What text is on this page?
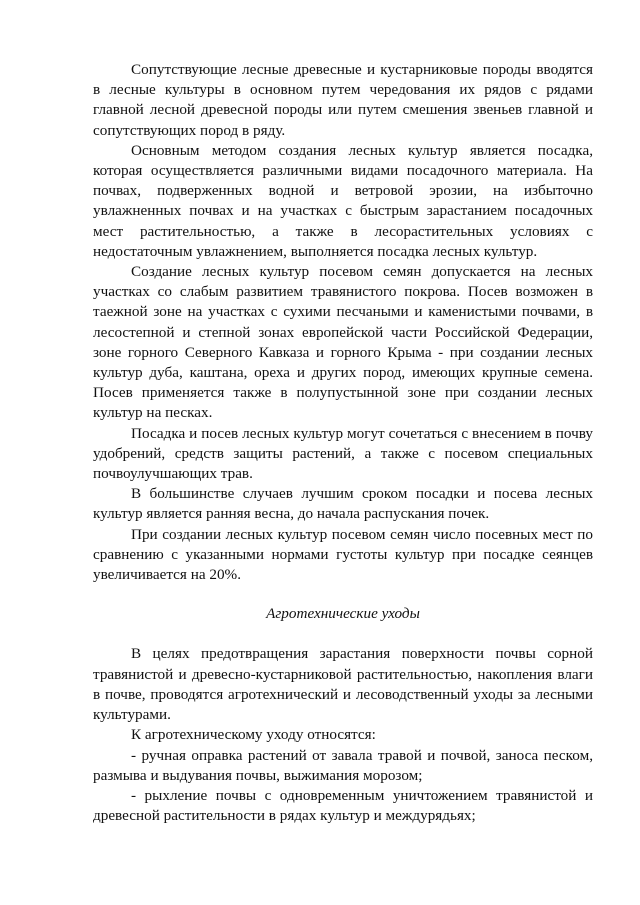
Сопутствующие лесные древесные и кустарниковые породы вводятся в лесные культуры в основном путем чередования их рядов с рядами главной лесной древесной породы или путем смешения звеньев главной и сопутствующих пород в ряду.

Основным методом создания лесных культур является посадка, которая осуществляется различными видами посадочного материала. На почвах, подверженных водной и ветровой эрозии, на избыточно увлажненных почвах и на участках с быстрым зарастанием посадочных мест растительностью, а также в лесорастительных условиях с недостаточным увлажнением, выполняется посадка лесных культур.

Создание лесных культур посевом семян допускается на лесных участках со слабым развитием травянистого покрова. Посев возможен в таежной зоне на участках с сухими песчаными и каменистыми почвами, в лесостепной и степной зонах европейской части Российской Федерации, зоне горного Северного Кавказа и горного Крыма - при создании лесных культур дуба, каштана, ореха и других пород, имеющих крупные семена. Посев применяется также в полупустынной зоне при создании лесных культур на песках.

Посадка и посев лесных культур могут сочетаться с внесением в почву удобрений, средств защиты растений, а также с посевом специальных почвоулучшающих трав.

В большинстве случаев лучшим сроком посадки и посева лесных культур является ранняя весна, до начала распускания почек.

При создании лесных культур посевом семян число посевных мест по сравнению с указанными нормами густоты культур при посадке сеянцев увеличивается на 20%.

Агротехнические уходы

В целях предотвращения зарастания поверхности почвы сорной травянистой и древесно-кустарниковой растительностью, накопления влаги в почве, проводятся агротехнический и лесоводственный уходы за лесными культурами.

К агротехническому уходу относятся:

- ручная оправка растений от завала травой и почвой, заноса песком, размыва и выдувания почвы, выжимания морозом;

- рыхление почвы с одновременным уничтожением травянистой и древесной растительности в рядах культур и междурядьях;
